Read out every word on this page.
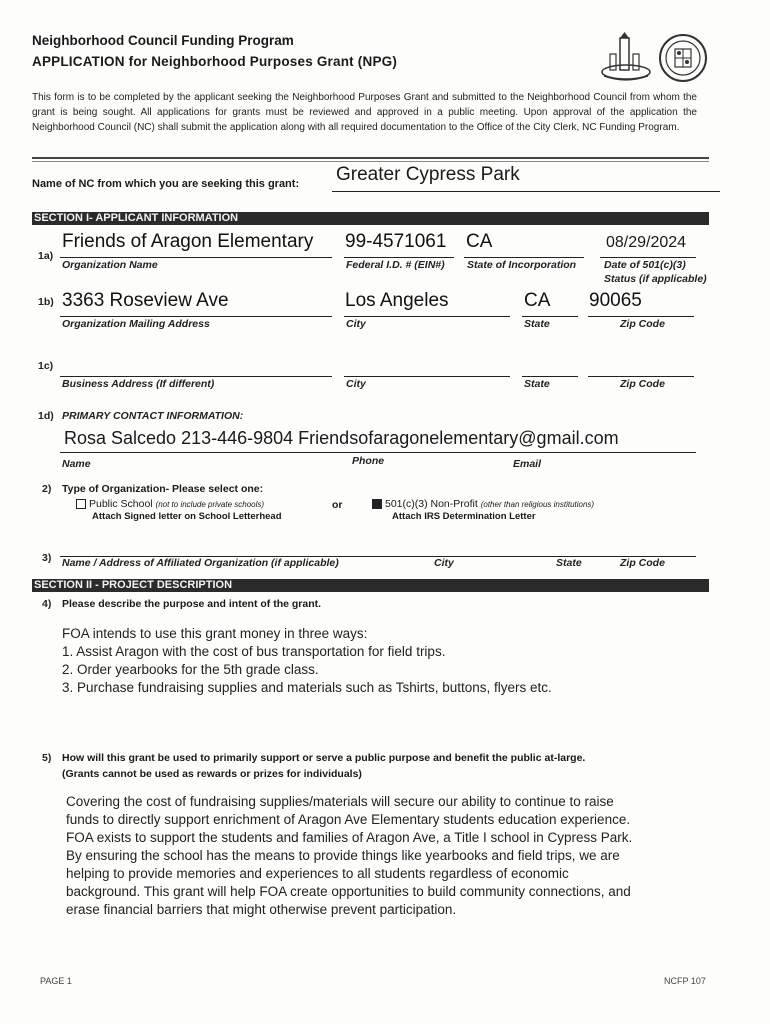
Neighborhood Council Funding Program
APPLICATION for Neighborhood Purposes Grant (NPG)
This form is to be completed by the applicant seeking the Neighborhood Purposes Grant and submitted to the Neighborhood Council from whom the grant is being sought. All applications for grants must be reviewed and approved in a public meeting. Upon approval of the application the Neighborhood Council (NC) shall submit the application along with all required documentation to the Office of the City Clerk, NC Funding Program.
Name of NC from which you are seeking this grant: Greater Cypress Park
SECTION I- APPLICANT INFORMATION
1a)
Friends of Aragon Elementary 99-4571061 CA	08/29/2024
Organization Name	Federal I.D. # (EIN#) State of Incorporation	Date of 501(c)(3)
Status (if applicable)
1b) 3363 Roseview Ave	Los Angeles	CA 90065
Organization Mailing Address	City	State	Zip Code
1c)
Business Address (If different)	City	State	Zip Code
1d) PRIMARY CONTACT INFORMATION:
Rosa Salcedo 213-446-9804 Friendsofaragonelementary@gmail.com
Name	Phone	Email
2) Type of Organization- Please select one:
Public School (not to include private schools)
Attach Signed letter on School Letterhead
or	501(c)(3) Non-Profit (other than religious institutions)
Attach IRS Determination Letter
3) Name / Address of Affiliated Organization (if applicable)	City	State	Zip Code
SECTION II - PROJECT DESCRIPTION
4) Please describe the purpose and intent of the grant.
FOA intends to use this grant money in three ways:
1. Assist Aragon with the cost of bus transportation for field trips.
2. Order yearbooks for the 5th grade class.
3. Purchase fundraising supplies and materials such as Tshirts, buttons, flyers etc.
5) How will this grant be used to primarily support or serve a public purpose and benefit the public at-large.
(Grants cannot be used as rewards or prizes for individuals)
Covering the cost of fundraising supplies/materials will secure our ability to continue to raise
funds to directly support enrichment of Aragon Ave Elementary students education experience.
FOA exists to support the students and families of Aragon Ave, a Title I school in Cypress Park.
By ensuring the school has the means to provide things like yearbooks and field trips, we are
helping to provide memories and experiences to all students regardless of economic
background. This grant will help FOA create opportunities to build community connections, and
erase financial barriers that might otherwise prevent participation.
PAGE 1	NCFP 107
